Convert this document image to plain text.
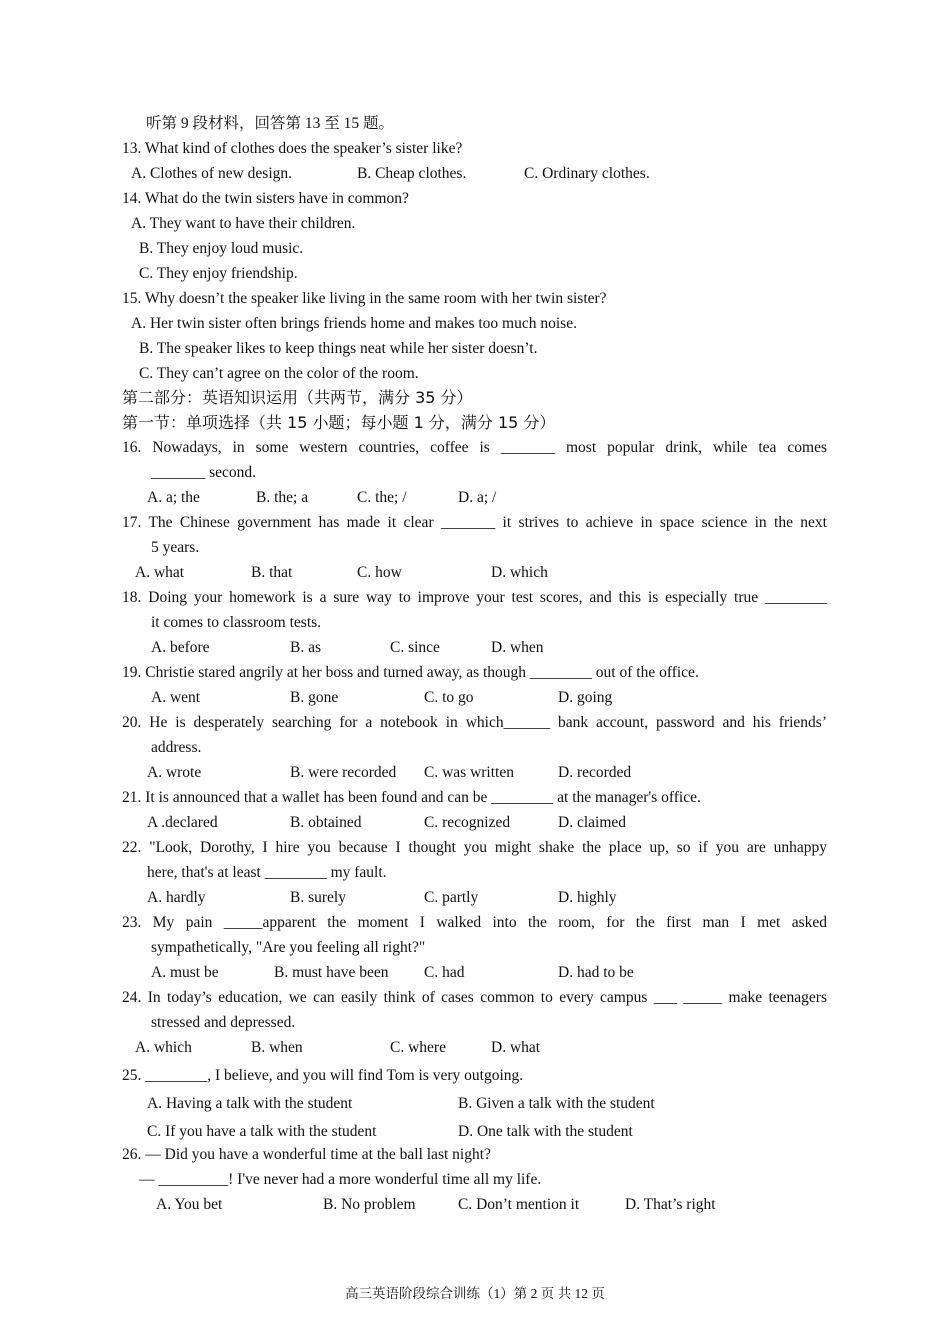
听第 9 段材料，回答第 13 至 15 题。
13. What kind of clothes does the speaker’s sister like?
A. Clothes of new design.	B. Cheap clothes.	C. Ordinary clothes.
14. What do the twin sisters have in common?
A. They want to have their children.
B. They enjoy loud music.
C. They enjoy friendship.
15. Why doesn’t the speaker like living in the same room with her twin sister?
A. Her twin sister often brings friends home and makes too much noise.
B. The speaker likes to keep things neat while her sister doesn’t.
C. They can’t agree on the color of the room.
第二部分：英语知识运用（共两节，满分 35 分）
第一节：单项选择（共 15 小题；每小题 1 分，满分 15 分）
16. Nowadays, in some western countries, coffee is _______ most popular drink, while tea comes
_______ second.
A. a; the	B. the; a	C. the; /	D. a; /
17. The Chinese government has made it clear _______ it strives to achieve in space science in the next
5 years.
A. what	B. that	C. how	D. which
18. Doing your homework is a sure way to improve your test scores, and this is especially true ________
it comes to classroom tests.
A. before	B. as	C. since	D. when
19. Christie stared angrily at her boss and turned away, as though ________ out of the office.
A. went	B. gone	C. to go	D. going
20. He is desperately searching for a notebook in which______ bank account, password and his friends’
address.
A. wrote	B. were recorded C. was written	D. recorded
21. It is announced that a wallet has been found and can be ________ at the manager's office.
A .declared	B. obtained	C. recognized	D. claimed
22. "Look, Dorothy, I hire you because I thought you might shake the place up, so if you are unhappy
here, that's at least ________ my fault.
A. hardly	B. surely	C. partly	D. highly
23. My pain _____apparent the moment I walked into the room, for the first man I met asked
sympathetically, "Are you feeling all right?"
A. must be	B. must have been C. had	D. had to be
24. In today’s education, we can easily think of cases common to every campus ___ _____ make teenagers
stressed and depressed.
A. which	B. when	C. where	D. what
25. ________, I believe, and you will find Tom is very outgoing.
A. Having a talk with the student	B. Given a talk with the student
C. If you have a talk with the student	D. One talk with the student
26. — Did you have a wonderful time at the ball last night?
— _________! I've never had a more wonderful time all my life.
A. You bet	B. No problem	C. Don’t mention it	D. That’s right
高三英语阶段综合训练（1）第 2 页 共 12 页
